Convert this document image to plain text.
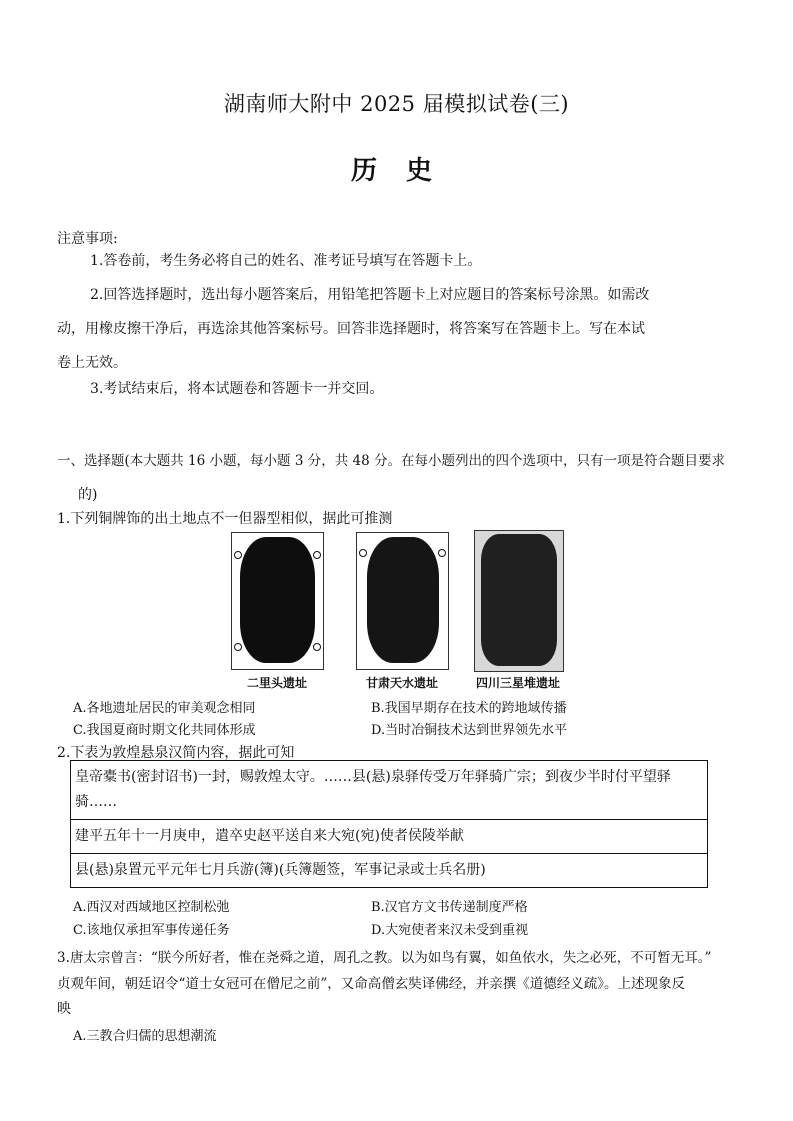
湖南师大附中 2025 届模拟试卷(三)
历 史
注意事项:
1.答卷前，考生务必将自己的姓名、准考证号填写在答题卡上。
2.回答选择题时，选出每小题答案后，用铅笔把答题卡上对应题目的答案标号涂黑。如需改
动，用橡皮擦干净后，再选涂其他答案标号。回答非选择题时，将答案写在答题卡上。写在本试
卷上无效。
3.考试结束后，将本试题卷和答题卡一并交回。
一、选择题(本大题共 16 小题，每小题 3 分，共 48 分。在每小题列出的四个选项中，只有一项是符合题目要求
的)
1.下列铜牌饰的出土地点不一但器型相似，据此可推测
二里头遗址	甘肃天水遗址	四川三星堆遗址
A.各地遗址居民的审美观念相同	B.我国早期存在技术的跨地域传播
C.我国夏商时期文化共同体形成	D.当时冶铜技术达到世界领先水平
2.下表为敦煌悬泉汉简内容，据此可知
皇帝橐书(密封诏书)一封，赐敦煌太守。……县(悬)泉驿传受万年驿骑广宗；到夜少半时付平望驿骑……
建平五年十一月庚申，遣卒史赵平送自来大宛(宛)使者侯陵举献
县(悬)泉置元平元年七月兵游(簿)(兵簿题签，军事记录或士兵名册)
A.西汉对西域地区控制松弛	B.汉官方文书传递制度严格
C.该地仅承担军事传递任务	D.大宛使者来汉未受到重视
3.唐太宗曾言：“朕今所好者，惟在尧舜之道，周孔之教。以为如鸟有翼，如鱼依水，失之必死，不可暂无耳。”
贞观年间，朝廷诏令“道士女冠可在僧尼之前”，又命高僧玄奘译佛经，并亲撰《道德经义疏》。上述现象反
映
A.三教合归儒的思想潮流
